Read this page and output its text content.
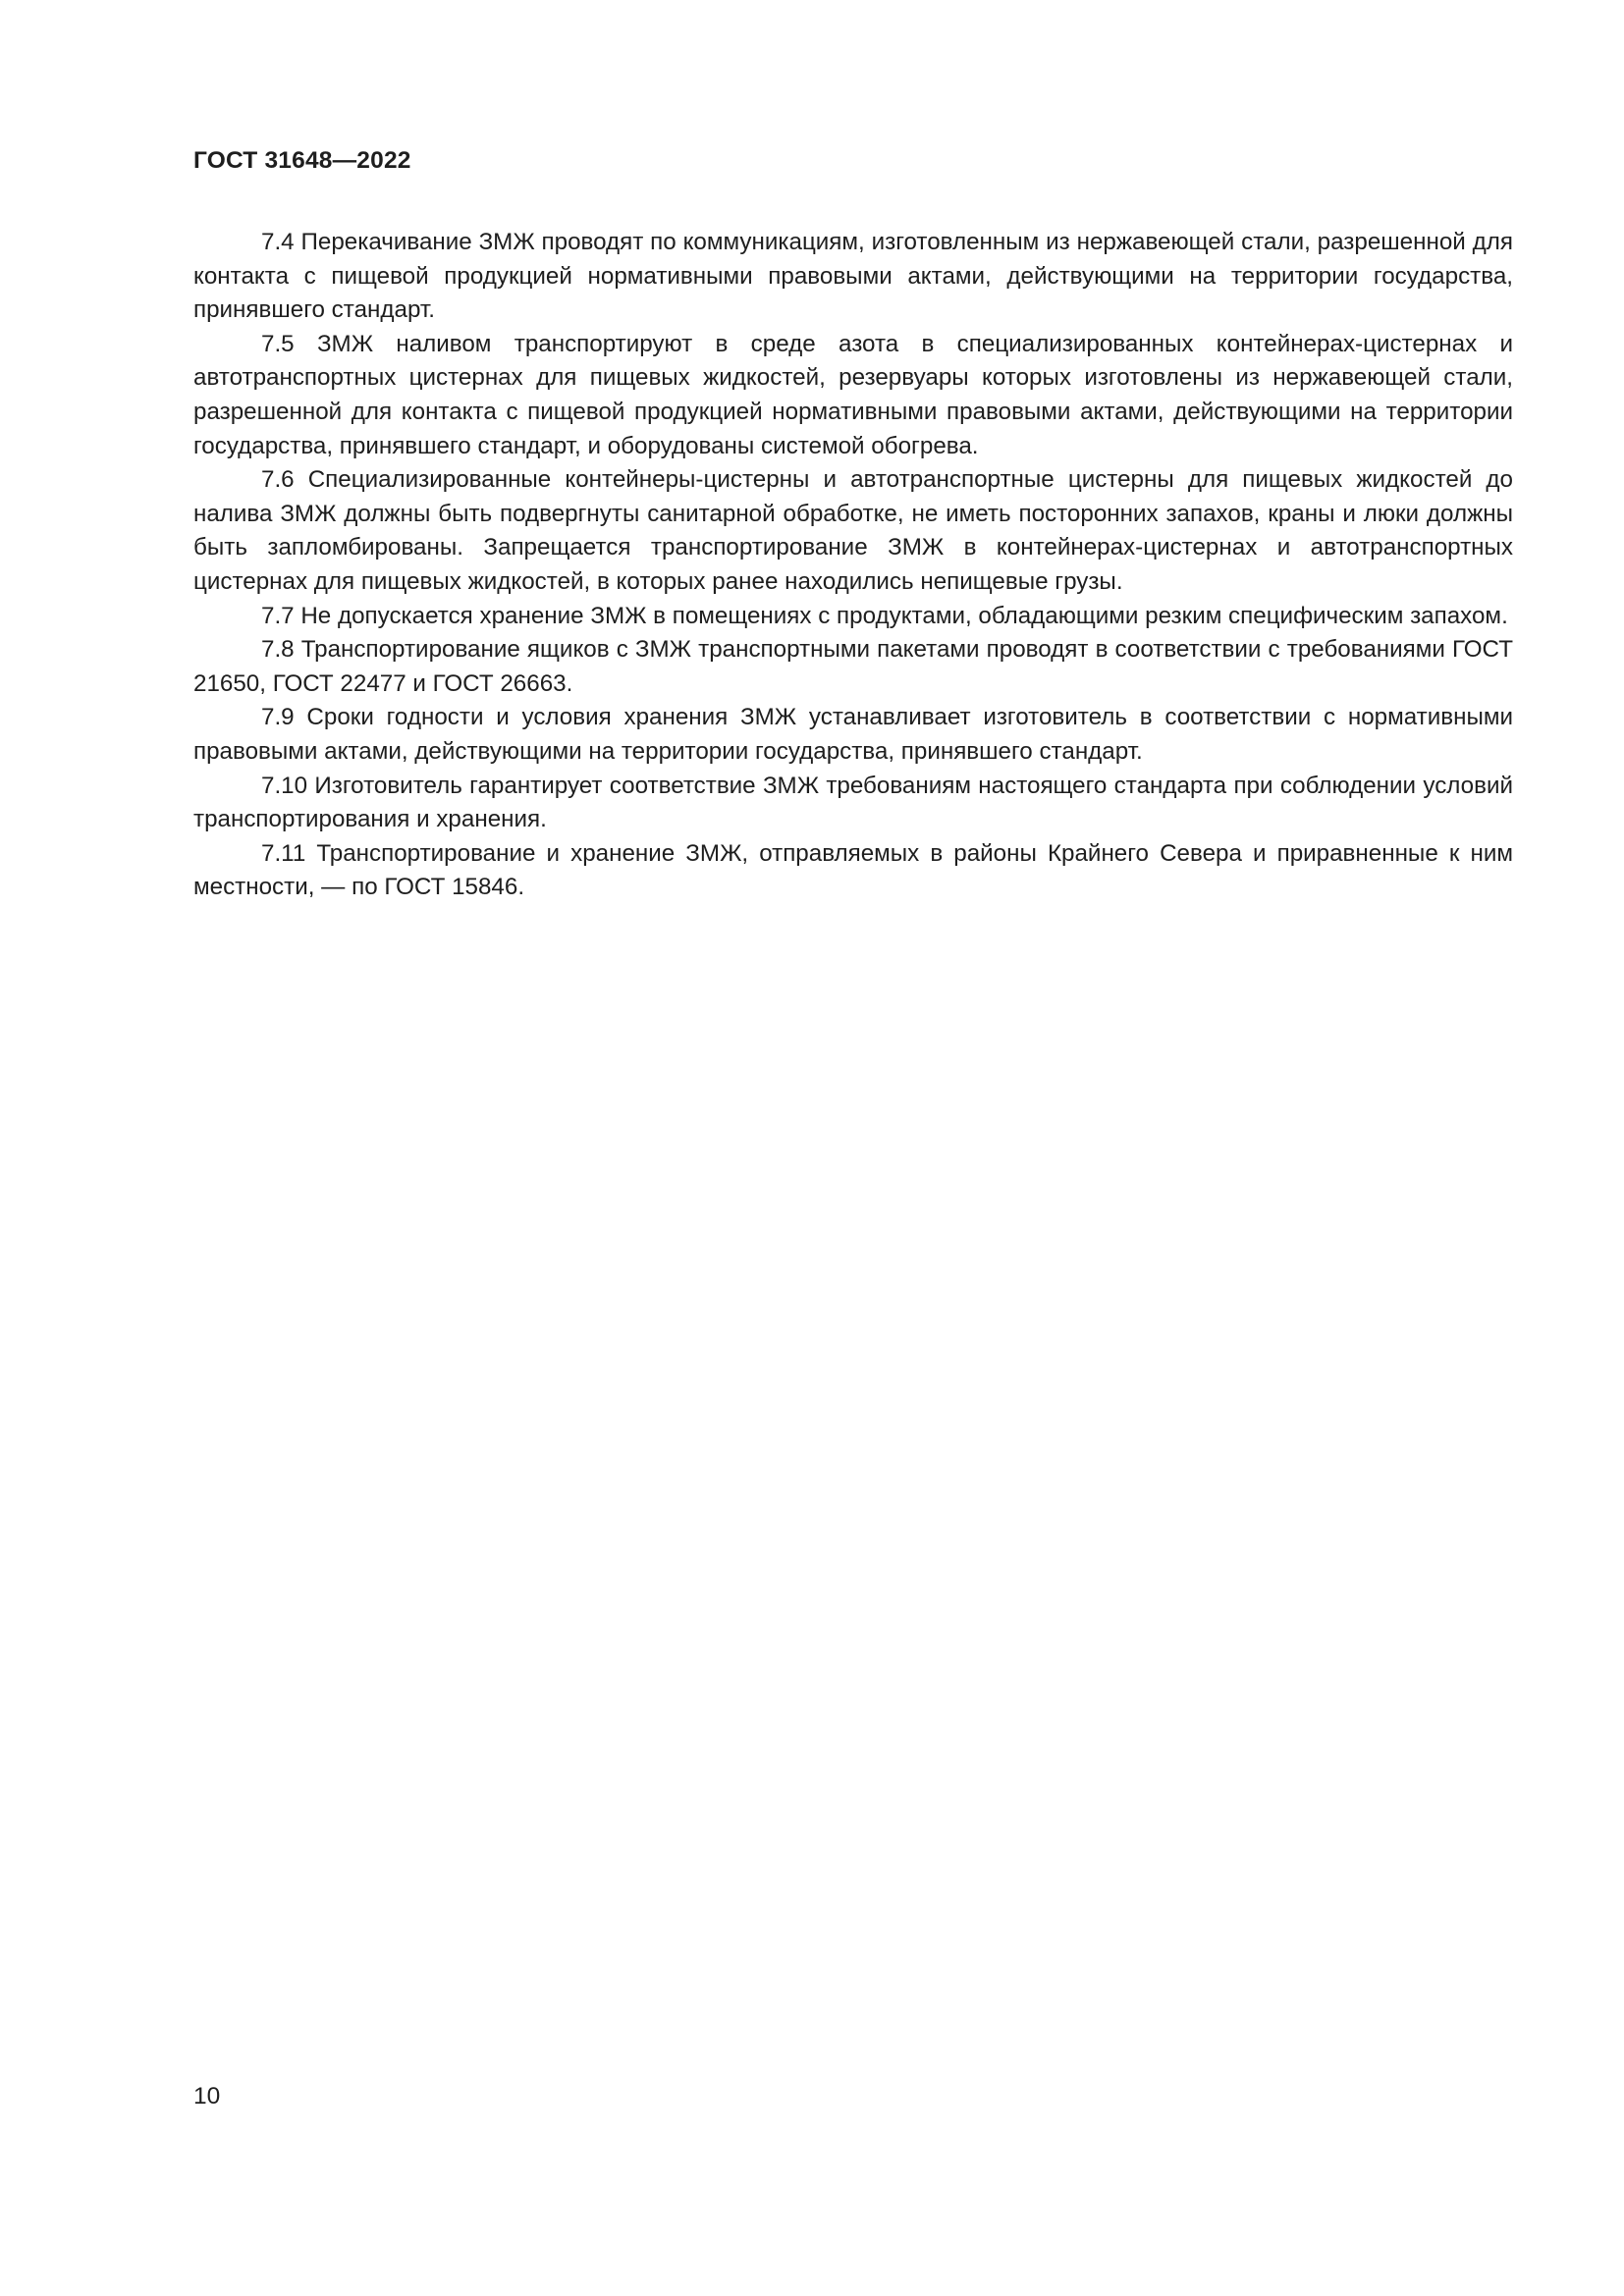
ГОСТ 31648—2022

7.4 Перекачивание ЗМЖ проводят по коммуникациям, изготовленным из нержавеющей стали, разрешенной для контакта с пищевой продукцией нормативными правовыми актами, действующими на территории государства, принявшего стандарт.

7.5 ЗМЖ наливом транспортируют в среде азота в специализированных контейнерах-цистернах и автотранспортных цистернах для пищевых жидкостей, резервуары которых изготовлены из нержавеющей стали, разрешенной для контакта с пищевой продукцией нормативными правовыми актами, действующими на территории государства, принявшего стандарт, и оборудованы системой обогрева.

7.6 Специализированные контейнеры-цистерны и автотранспортные цистерны для пищевых жидкостей до налива ЗМЖ должны быть подвергнуты санитарной обработке, не иметь посторонних запахов, краны и люки должны быть запломбированы. Запрещается транспортирование ЗМЖ в контейнерах-цистернах и автотранспортных цистернах для пищевых жидкостей, в которых ранее находились непищевые грузы.

7.7 Не допускается хранение ЗМЖ в помещениях с продуктами, обладающими резким специфическим запахом.

7.8 Транспортирование ящиков с ЗМЖ транспортными пакетами проводят в соответствии с требованиями ГОСТ 21650, ГОСТ 22477 и ГОСТ 26663.

7.9 Сроки годности и условия хранения ЗМЖ устанавливает изготовитель в соответствии с нормативными правовыми актами, действующими на территории государства, принявшего стандарт.

7.10 Изготовитель гарантирует соответствие ЗМЖ требованиям настоящего стандарта при соблюдении условий транспортирования и хранения.

7.11 Транспортирование и хранение ЗМЖ, отправляемых в районы Крайнего Севера и приравненные к ним местности, — по ГОСТ 15846.

10
